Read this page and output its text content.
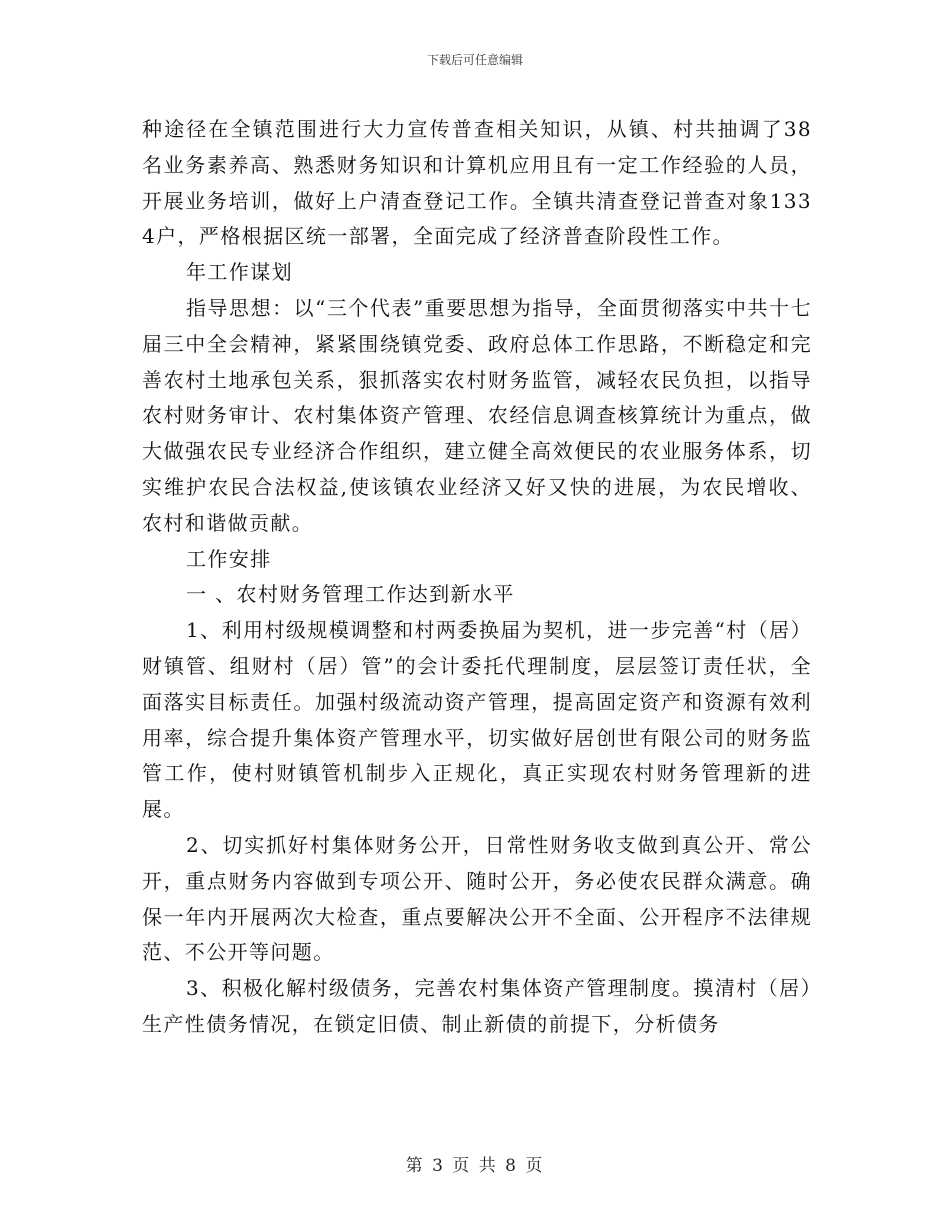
下载后可任意编辑

种途径在全镇范围进行大力宣传普查相关知识，从镇、村共抽调了38名业务素养高、熟悉财务知识和计算机应用且有一定工作经验的人员，开展业务培训，做好上户清查登记工作。全镇共清查登记普查对象1334户，严格根据区统一部署，全面完成了经济普查阶段性工作。

年工作谋划

指导思想：以“三个代表”重要思想为指导，全面贯彻落实中共十七届三中全会精神，紧紧围绕镇党委、政府总体工作思路，不断稳定和完善农村土地承包关系，狠抓落实农村财务监管，减轻农民负担，以指导农村财务审计、农村集体资产管理、农经信息调查核算统计为重点，做大做强农民专业经济合作组织，建立健全高效便民的农业服务体系，切实维护农民合法权益,使该镇农业经济又好又快的进展，为农民增收、农村和谐做贡献。

工作安排

一 、农村财务管理工作达到新水平

1、利用村级规模调整和村两委换届为契机，进一步完善“村（居）财镇管、组财村（居）管”的会计委托代理制度，层层签订责任状，全面落实目标责任。加强村级流动资产管理，提高固定资产和资源有效利用率，综合提升集体资产管理水平，切实做好居创世有限公司的财务监管工作，使村财镇管机制步入正规化，真正实现农村财务管理新的进展。

2、切实抓好村集体财务公开，日常性财务收支做到真公开、常公开，重点财务内容做到专项公开、随时公开，务必使农民群众满意。确保一年内开展两次大检查，重点要解决公开不全面、公开程序不法律规范、不公开等问题。

3、积极化解村级债务，完善农村集体资产管理制度。摸清村（居）生产性债务情况，在锁定旧债、制止新债的前提下，分析债务

第 3 页 共 8 页
